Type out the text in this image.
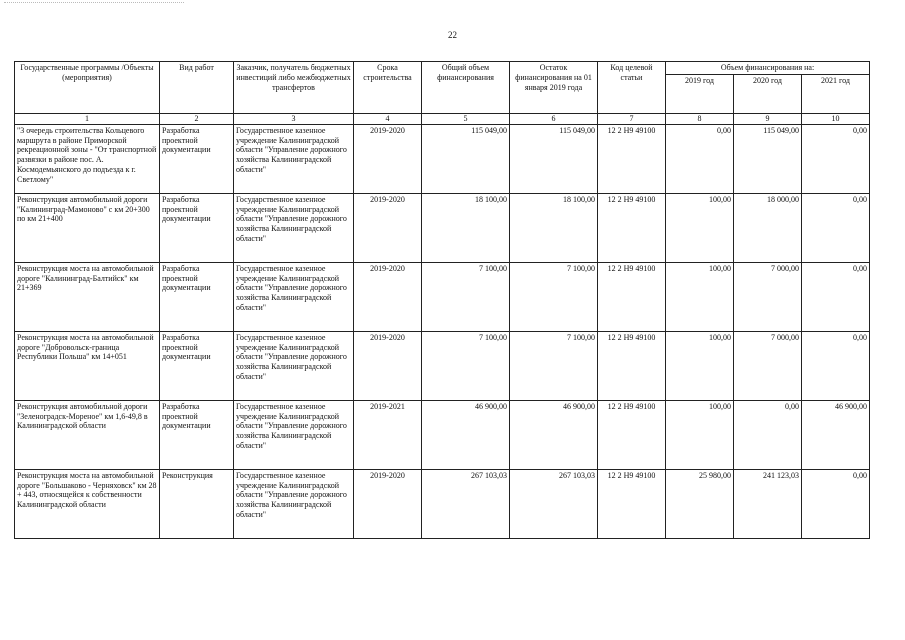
22
Государственные программы /Объекты (мероприятия)	Вид работ	Заказчик, получатель бюджетных инвестиций либо межбюджетных трансфертов	Срока строительства	Общий объем финансирования	Остаток финансирования на 01 января 2019 года	Код целевой статьи	Объем финансирования на:		
							2019 год	2020 год	2021 год
1	2	3	4	5	6	7	8	9	10
"3 очередь строительства Кольцевого маршрута в районе Приморской рекреационной зоны - "От транспортной развязки в районе пос. А. Космодемьянского до подъезда к г. Светлому"	Разработка проектной документации	Государственное казенное учреждение Калининградской области "Управление дорожного хозяйства Калининградской области"	2019-2020	115 049,00	115 049,00	12 2 H9 49100	0,00	115 049,00	0,00
Реконструкция автомобильной дороги "Калининград-Мамоново" с км 20+300 по км 21+400	Разработка проектной документации	Государственное казенное учреждение Калининградской области "Управление дорожного хозяйства Калининградской области"	2019-2020	18 100,00	18 100,00	12 2 H9 49100	100,00	18 000,00	0,00
Реконструкция моста на автомобильной дороге "Калининград-Балтийск" км 21+369	Разработка проектной документации	Государственное казенное учреждение Калининградской области "Управление дорожного хозяйства Калининградской области"	2019-2020	7 100,00	7 100,00	12 2 H9 49100	100,00	7 000,00	0,00
Реконструкция моста на автомобильной дороге "Добровольск-граница Республики Польша" км 14+051	Разработка проектной документации	Государственное казенное учреждение Калининградской области "Управление дорожного хозяйства Калининградской области"	2019-2020	7 100,00	7 100,00	12 2 H9 49100	100,00	7 000,00	0,00
Реконструкция автомобильной дороги "Зеленоградск-Мореное" км 1,6-49,8 в Калининградской области	Разработка проектной документации	Государственное казенное учреждение Калининградской области "Управление дорожного хозяйства Калининградской области"	2019-2021	46 900,00	46 900,00	12 2 H9 49100	100,00	0,00	46 900,00
Реконструкция моста на автомобильной дороге "Большаково - Черняховск" км 28 + 443, относящейся к собственности Калининградской области	Реконструкция	Государственное казенное учреждение Калининградской области "Управление дорожного хозяйства Калининградской области"	2019-2020	267 103,03	267 103,03	12 2 H9 49100	25 980,00	241 123,03	0,00
